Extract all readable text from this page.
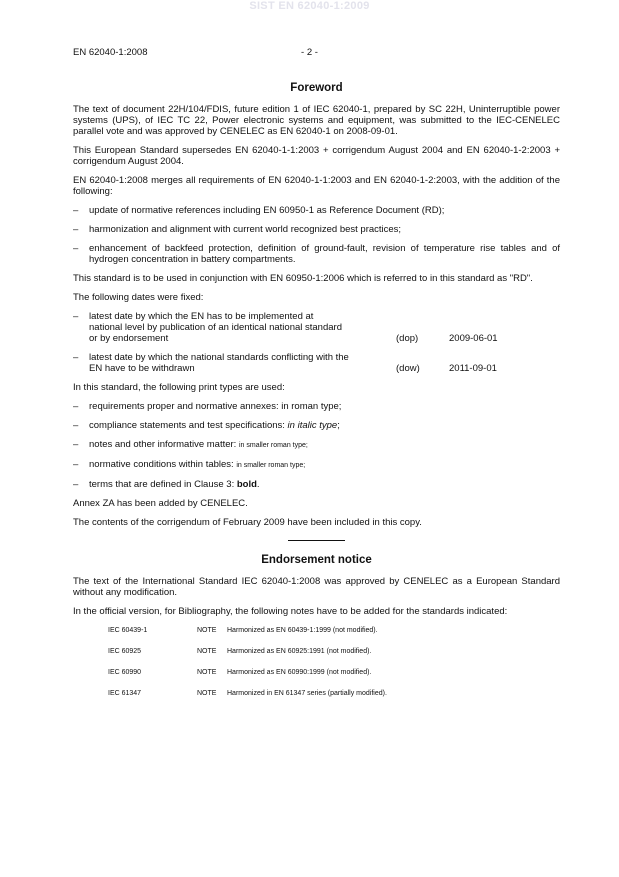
SIST EN 62040-1:2009
EN 62040-1:2008	- 2 -
Foreword

The text of document 22H/104/FDIS, future edition 1 of IEC 62040-1, prepared by SC 22H, Uninterruptible power systems (UPS), of IEC TC 22, Power electronic systems and equipment, was submitted to the IEC-CENELEC parallel vote and was approved by CENELEC as EN 62040-1 on 2008-09-01.

This European Standard supersedes EN 62040-1-1:2003 + corrigendum August 2004 and EN 62040-1-2:2003 + corrigendum August 2004.

EN 62040-1:2008 merges all requirements of EN 62040-1-1:2003 and EN 62040-1-2:2003, with the addition of the following:

– update of normative references including EN 60950-1 as Reference Document (RD);
– harmonization and alignment with current world recognized best practices;
– enhancement of backfeed protection, definition of ground-fault, revision of temperature rise tables and of hydrogen concentration in battery compartments.

This standard is to be used in conjunction with EN 60950-1:2006 which is referred to in this standard as "RD".

The following dates were fixed:

– latest date by which the EN has to be implemented at national level by publication of an identical national standard or by endorsement	(dop)	2009-06-01
– latest date by which the national standards conflicting with the EN have to be withdrawn	(dow)	2011-09-01

In this standard, the following print types are used:

– requirements proper and normative annexes: in roman type;
– compliance statements and test specifications: in italic type;
– notes and other informative matter: in smaller roman type;
– normative conditions within tables: in smaller roman type;
– terms that are defined in Clause 3: bold.

Annex ZA has been added by CENELEC.

The contents of the corrigendum of February 2009 have been included in this copy.

Endorsement notice

The text of the International Standard IEC 62040-1:2008 was approved by CENELEC as a European Standard without any modification.

In the official version, for Bibliography, the following notes have to be added for the standards indicated:

IEC 60439-1	NOTE Harmonized as EN 60439-1:1999 (not modified).
IEC 60925	NOTE Harmonized as EN 60925:1991 (not modified).
IEC 60990	NOTE Harmonized as EN 60990:1999 (not modified).
IEC 61347	NOTE Harmonized in EN 61347 series (partially modified).
